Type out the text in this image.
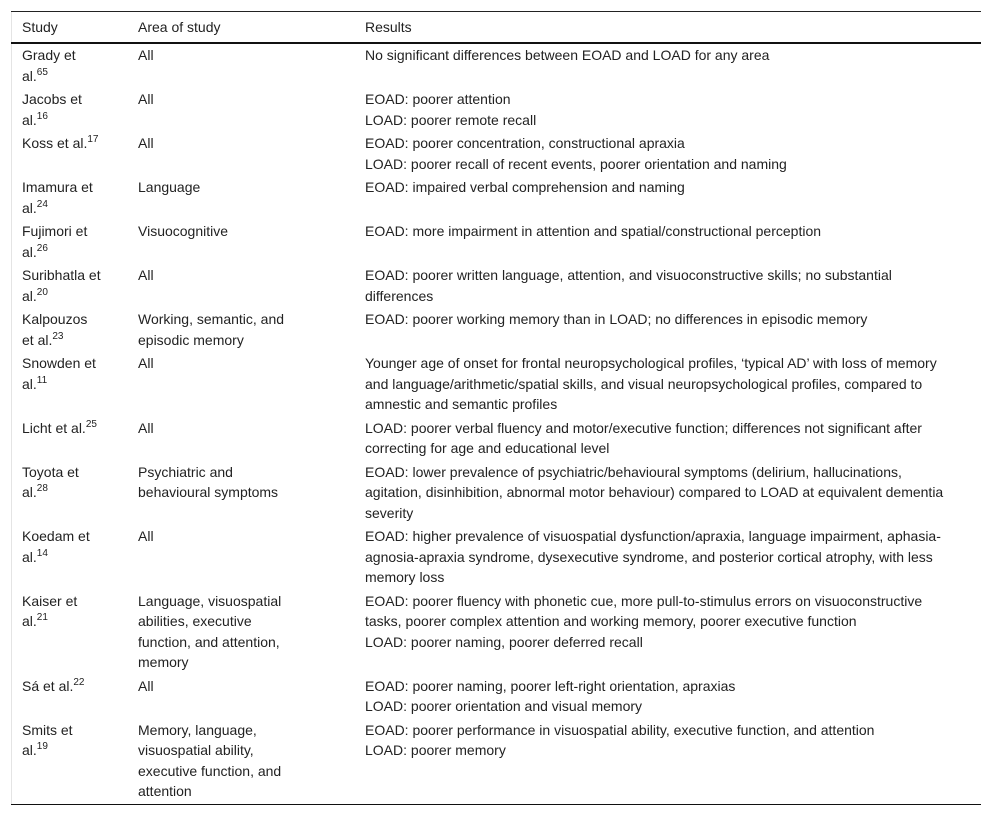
Study	Area of study	Results
Grady et al.$^{65}$	All	No significant differences between EOAD and LOAD for any area

Jacobs et al.$^{16}$	All	EOAD: poorer attention
LOAD: poorer remote recall

Koss et al.$^{17}$	All	EOAD: poorer concentration, constructional apraxia
LOAD: poorer recall of recent events, poorer orientation and naming

Imamura et al.$^{24}$	Language	EOAD: impaired verbal comprehension and naming

Fujimori et al.$^{26}$	Visuocognitive	EOAD: more impairment in attention and spatial/constructional perception

Suribhatla et al.$^{20}$	All	EOAD: poorer written language, attention, and visuoconstructive skills; no substantial differences

Kalpouzos et al.$^{23}$	Working, semantic, and episodic memory	EOAD: poorer working memory than in LOAD; no differences in episodic memory

Snowden et al.$^{11}$	All	Younger age of onset for frontal neuropsychological profiles, ‘typical AD’ with loss of memory and language/arithmetic/spatial skills, and visual neuropsychological profiles, compared to amnestic and semantic profiles

Licht et al.$^{25}$	All	LOAD: poorer verbal fluency and motor/executive function; differences not significant after correcting for age and educational level

Toyota et al.$^{28}$	Psychiatric and behavioural symptoms	EOAD: lower prevalence of psychiatric/behavioural symptoms (delirium, hallucinations, agitation, disinhibition, abnormal motor behaviour) compared to LOAD at equivalent dementia severity

Koedam et al.$^{14}$	All	EOAD: higher prevalence of visuospatial dysfunction/apraxia, language impairment, aphasia-agnosia-apraxia syndrome, dysexecutive syndrome, and posterior cortical atrophy, with less memory loss

Kaiser et al.$^{21}$	Language, visuospatial abilities, executive function, and attention, memory	EOAD: poorer fluency with phonetic cue, more pull-to-stimulus errors on visuoconstructive tasks, poorer complex attention and working memory, poorer executive function
LOAD: poorer naming, poorer deferred recall

Sá et al.$^{22}$	All	EOAD: poorer naming, poorer left-right orientation, apraxias
LOAD: poorer orientation and visual memory

Smits et al.$^{19}$	Memory, language, visuospatial ability, executive function, and attention	EOAD: poorer performance in visuospatial ability, executive function, and attention
LOAD: poorer memory
